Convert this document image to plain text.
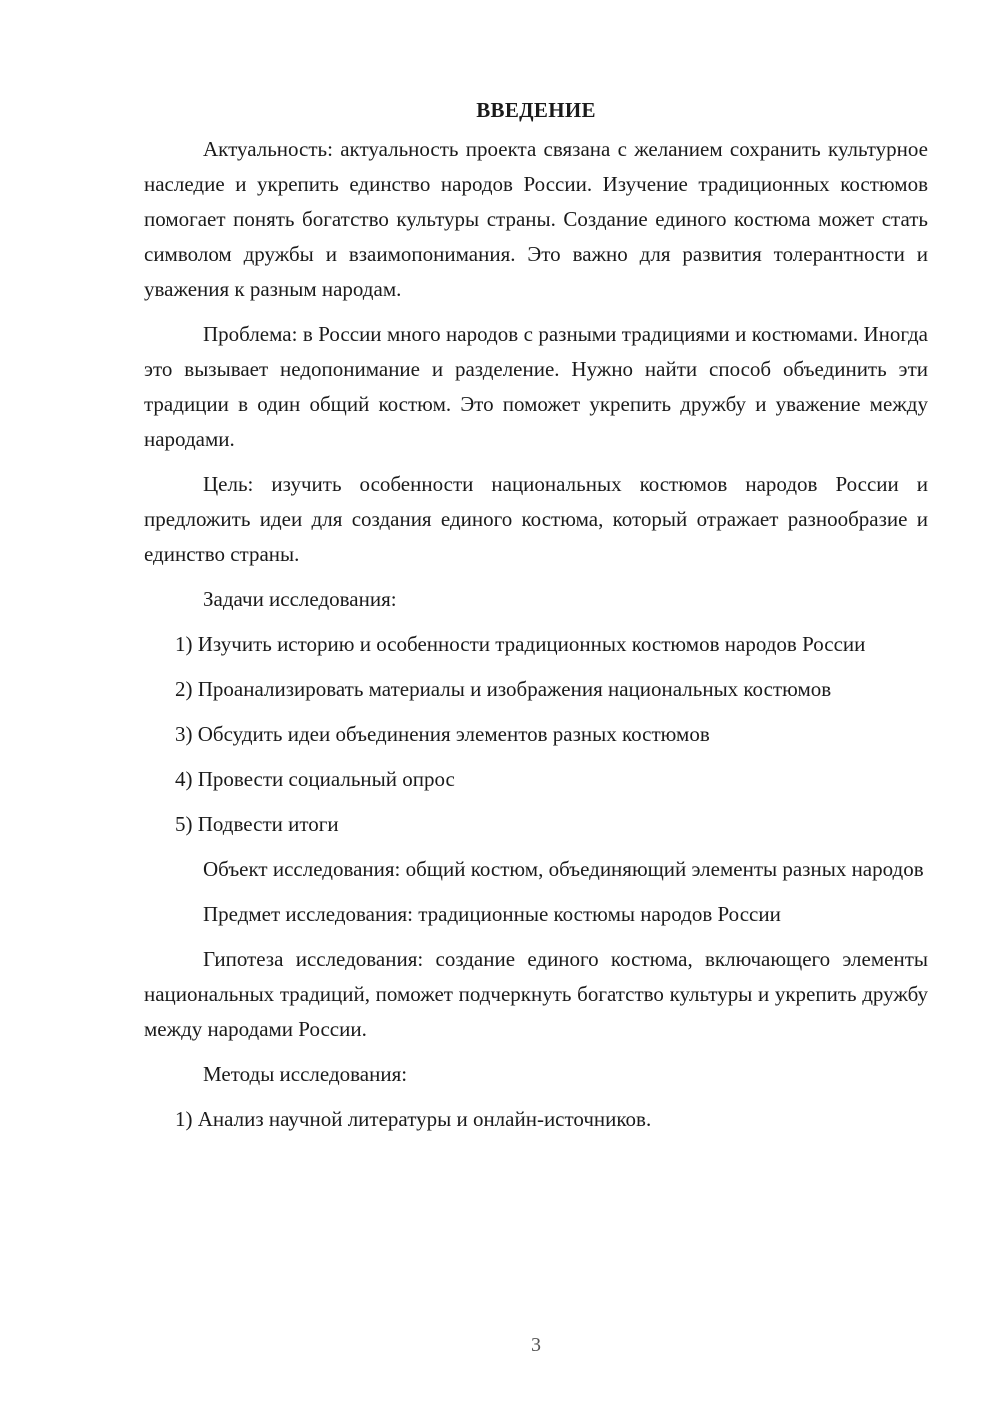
ВВЕДЕНИЕ

Актуальность: актуальность проекта связана с желанием сохранить культурное наследие и укрепить единство народов России. Изучение традиционных костюмов помогает понять богатство культуры страны. Создание единого костюма может стать символом дружбы и взаимопонимания. Это важно для развития толерантности и уважения к разным народам.

Проблема: в России много народов с разными традициями и костюмами. Иногда это вызывает недопонимание и разделение. Нужно найти способ объединить эти традиции в один общий костюм. Это поможет укрепить дружбу и уважение между народами.

Цель: изучить особенности национальных костюмов народов России и предложить идеи для создания единого костюма, который отражает разнообразие и единство страны.

Задачи исследования:

1) Изучить историю и особенности традиционных костюмов народов России

2) Проанализировать материалы и изображения национальных костюмов

3) Обсудить идеи объединения элементов разных костюмов

4) Провести социальный опрос

5) Подвести итоги

Объект исследования: общий костюм, объединяющий элементы разных народов

Предмет исследования: традиционные костюмы народов России

Гипотеза исследования: создание единого костюма, включающего элементы национальных традиций, поможет подчеркнуть богатство культуры и укрепить дружбу между народами России.

Методы исследования:

1) Анализ научной литературы и онлайн-источников.

3
